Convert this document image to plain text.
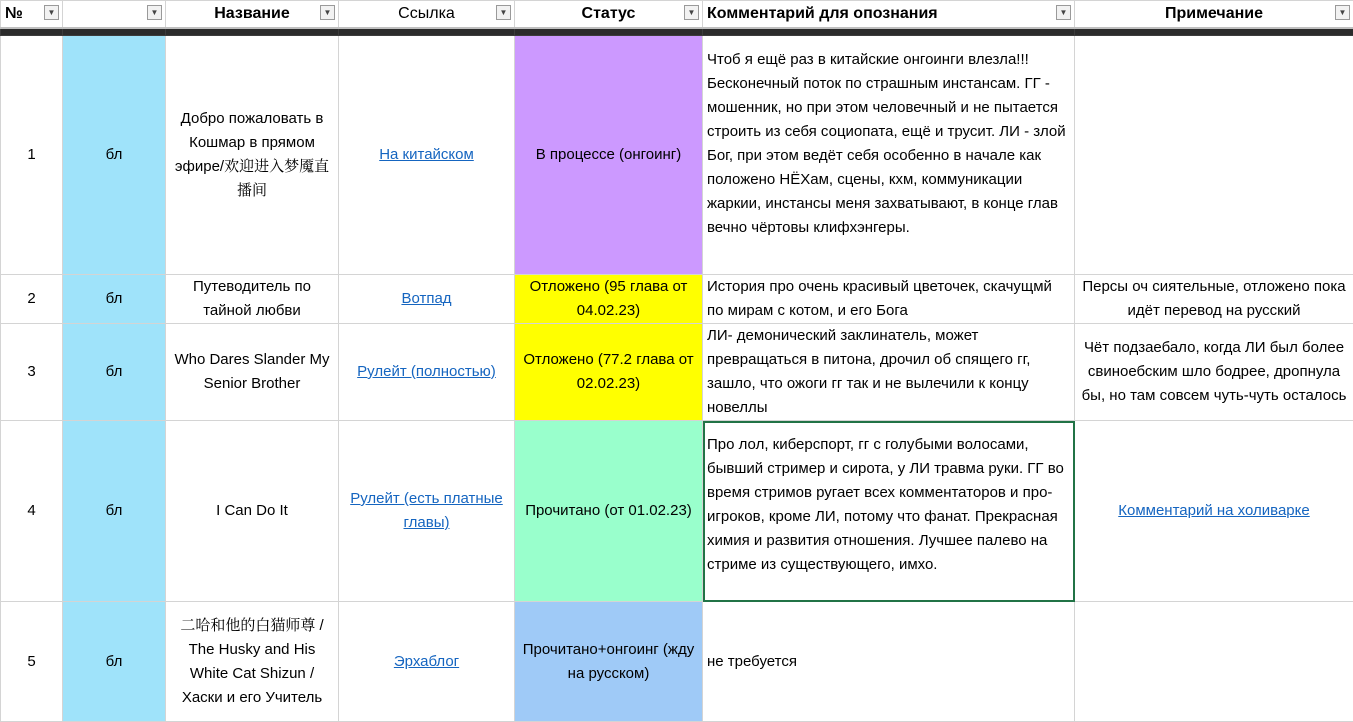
№ ▼	▼	Название ▼	Ссылка ▼	Статус ▼	Комментарий для опознания ▼	Примечание ▼

1	бл	Добро пожаловать в Кошмар в прямом эфире/欢迎进入梦魇直播间	На китайском	В процессе (онгоинг)	Чтоб я ещё раз в китайские онгоинги влезла!!! Бесконечный поток по страшным инстансам. ГГ - мошенник, но при этом человечный и не пытается строить из себя социопата, ещё и трусит. ЛИ - злой Бог, при этом ведёт себя особенно в начале как положено НЁХам, сцены, кхм, коммуникации жаркии, инстансы меня захватывают, в конце глав вечно чёртовы клифхэнгеры.	
2	бл	Путеводитель по тайной любви	Вотпад	Отложено (95 глава от 04.02.23)	История про очень красивый цветочек, скачущмй по мирам с котом, и его Бога	Персы оч сиятельные, отложено пока идёт перевод на русский
3	бл	Who Dares Slander My Senior Brother	Рулейт (полностью)	Отложено (77.2 глава от 02.02.23)	ЛИ- демонический заклинатель, может превращаться в питона, дрочил об спящего гг, зашло, что ожоги гг так и не вылечили к концу новеллы	Чёт подзаебало, когда ЛИ был более свиноебским шло бодрее, дропнула бы, но там совсем чуть-чуть осталось
4	бл	I Can Do It	Рулейт (есть платные главы)	Прочитано (от 01.02.23)	Про лол, киберспорт, гг с голубыми волосами, бывший стример и сирота, у ЛИ травма руки. ГГ во время стримов ругает всех комментаторов и про-игроков, кроме ЛИ, потому что фанат. Прекрасная химия и развития отношения. Лучшее палево на стриме из существующего, имхо.	Комментарий на холиварке
5	бл	二哈和他的白猫师尊 / The Husky and His White Cat Shizun / Хаски и его Учитель	Эрхаблог	Прочитано+онгоинг (жду на русском)	не требуется	
